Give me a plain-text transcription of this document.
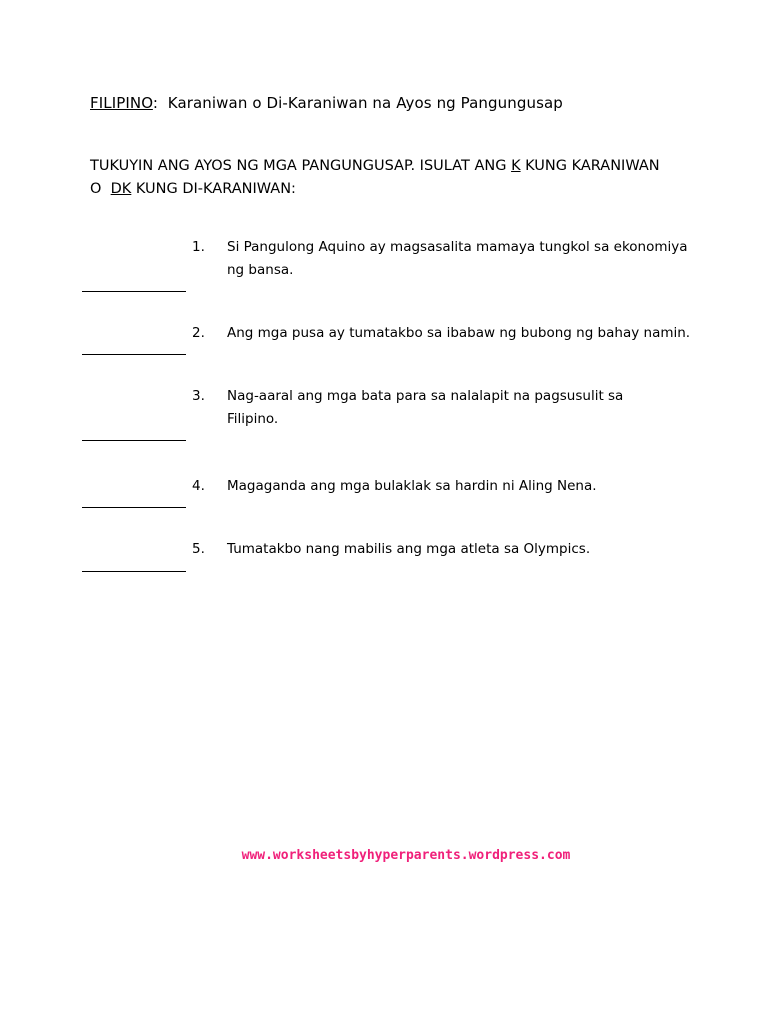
FILIPINO: Karaniwan o Di-Karaniwan na Ayos ng Pangungusap
TUKUYIN ANG AYOS NG MGA PANGUNGUSAP. ISULAT ANG K KUNG KARANIWAN
O  DK KUNG DI-KARANIWAN:
1. Si Pangulong Aquino ay magsasalita mamaya tungkol sa ekonomiya ng bansa.
2. Ang mga pusa ay tumatakbo sa ibabaw ng bubong ng bahay namin.
3. Nag-aaral ang mga bata para sa nalalapit na pagsusulit sa Filipino.
4. Magaganda ang mga bulaklak sa hardin ni Aling Nena.
5. Tumatakbo nang mabilis ang mga atleta sa Olympics.
www.worksheetsbyhyperparents.wordpress.com
